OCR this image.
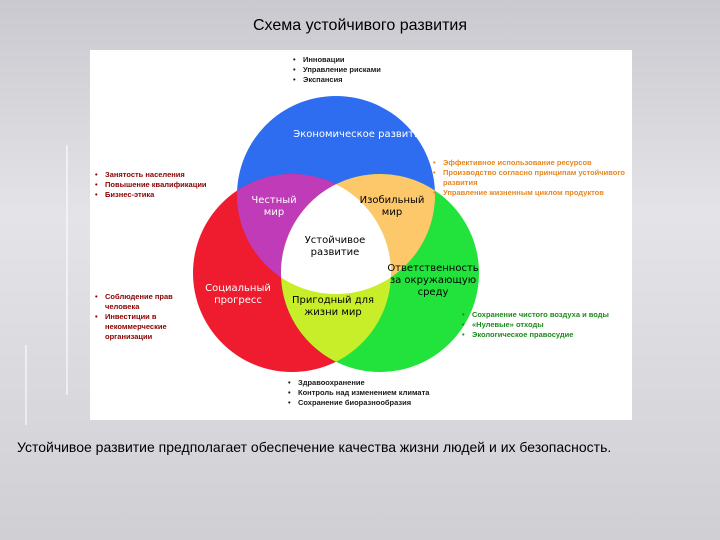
Схема устойчивого развития
• Инновации
• Управление рисками
• Экспансия
• Занятость населения
• Повышение квалификации
• Бизнес-этика
• Соблюдение прав человека
• Инвестиции в некоммерческие организации
• Эффективное использование ресурсов
• Производство согласно принципам устойчивого развития
• Управление жизненным циклом продуктов
• Сохранение чистого воздуха и воды
• «Нулевые» отходы
• Экологическое правосудие
• Здравоохранение
• Контроль над изменением климата
• Сохранение биоразнообразия
Экономическое развитие
Честный мир
Изобильный мир
Устойчивое развитие
Социальный прогресс	Пригодный для жизни мир
Ответственность за окружающую среду

Устойчивое развитие предполагает обеспечение качества жизни людей и их безопасность.
